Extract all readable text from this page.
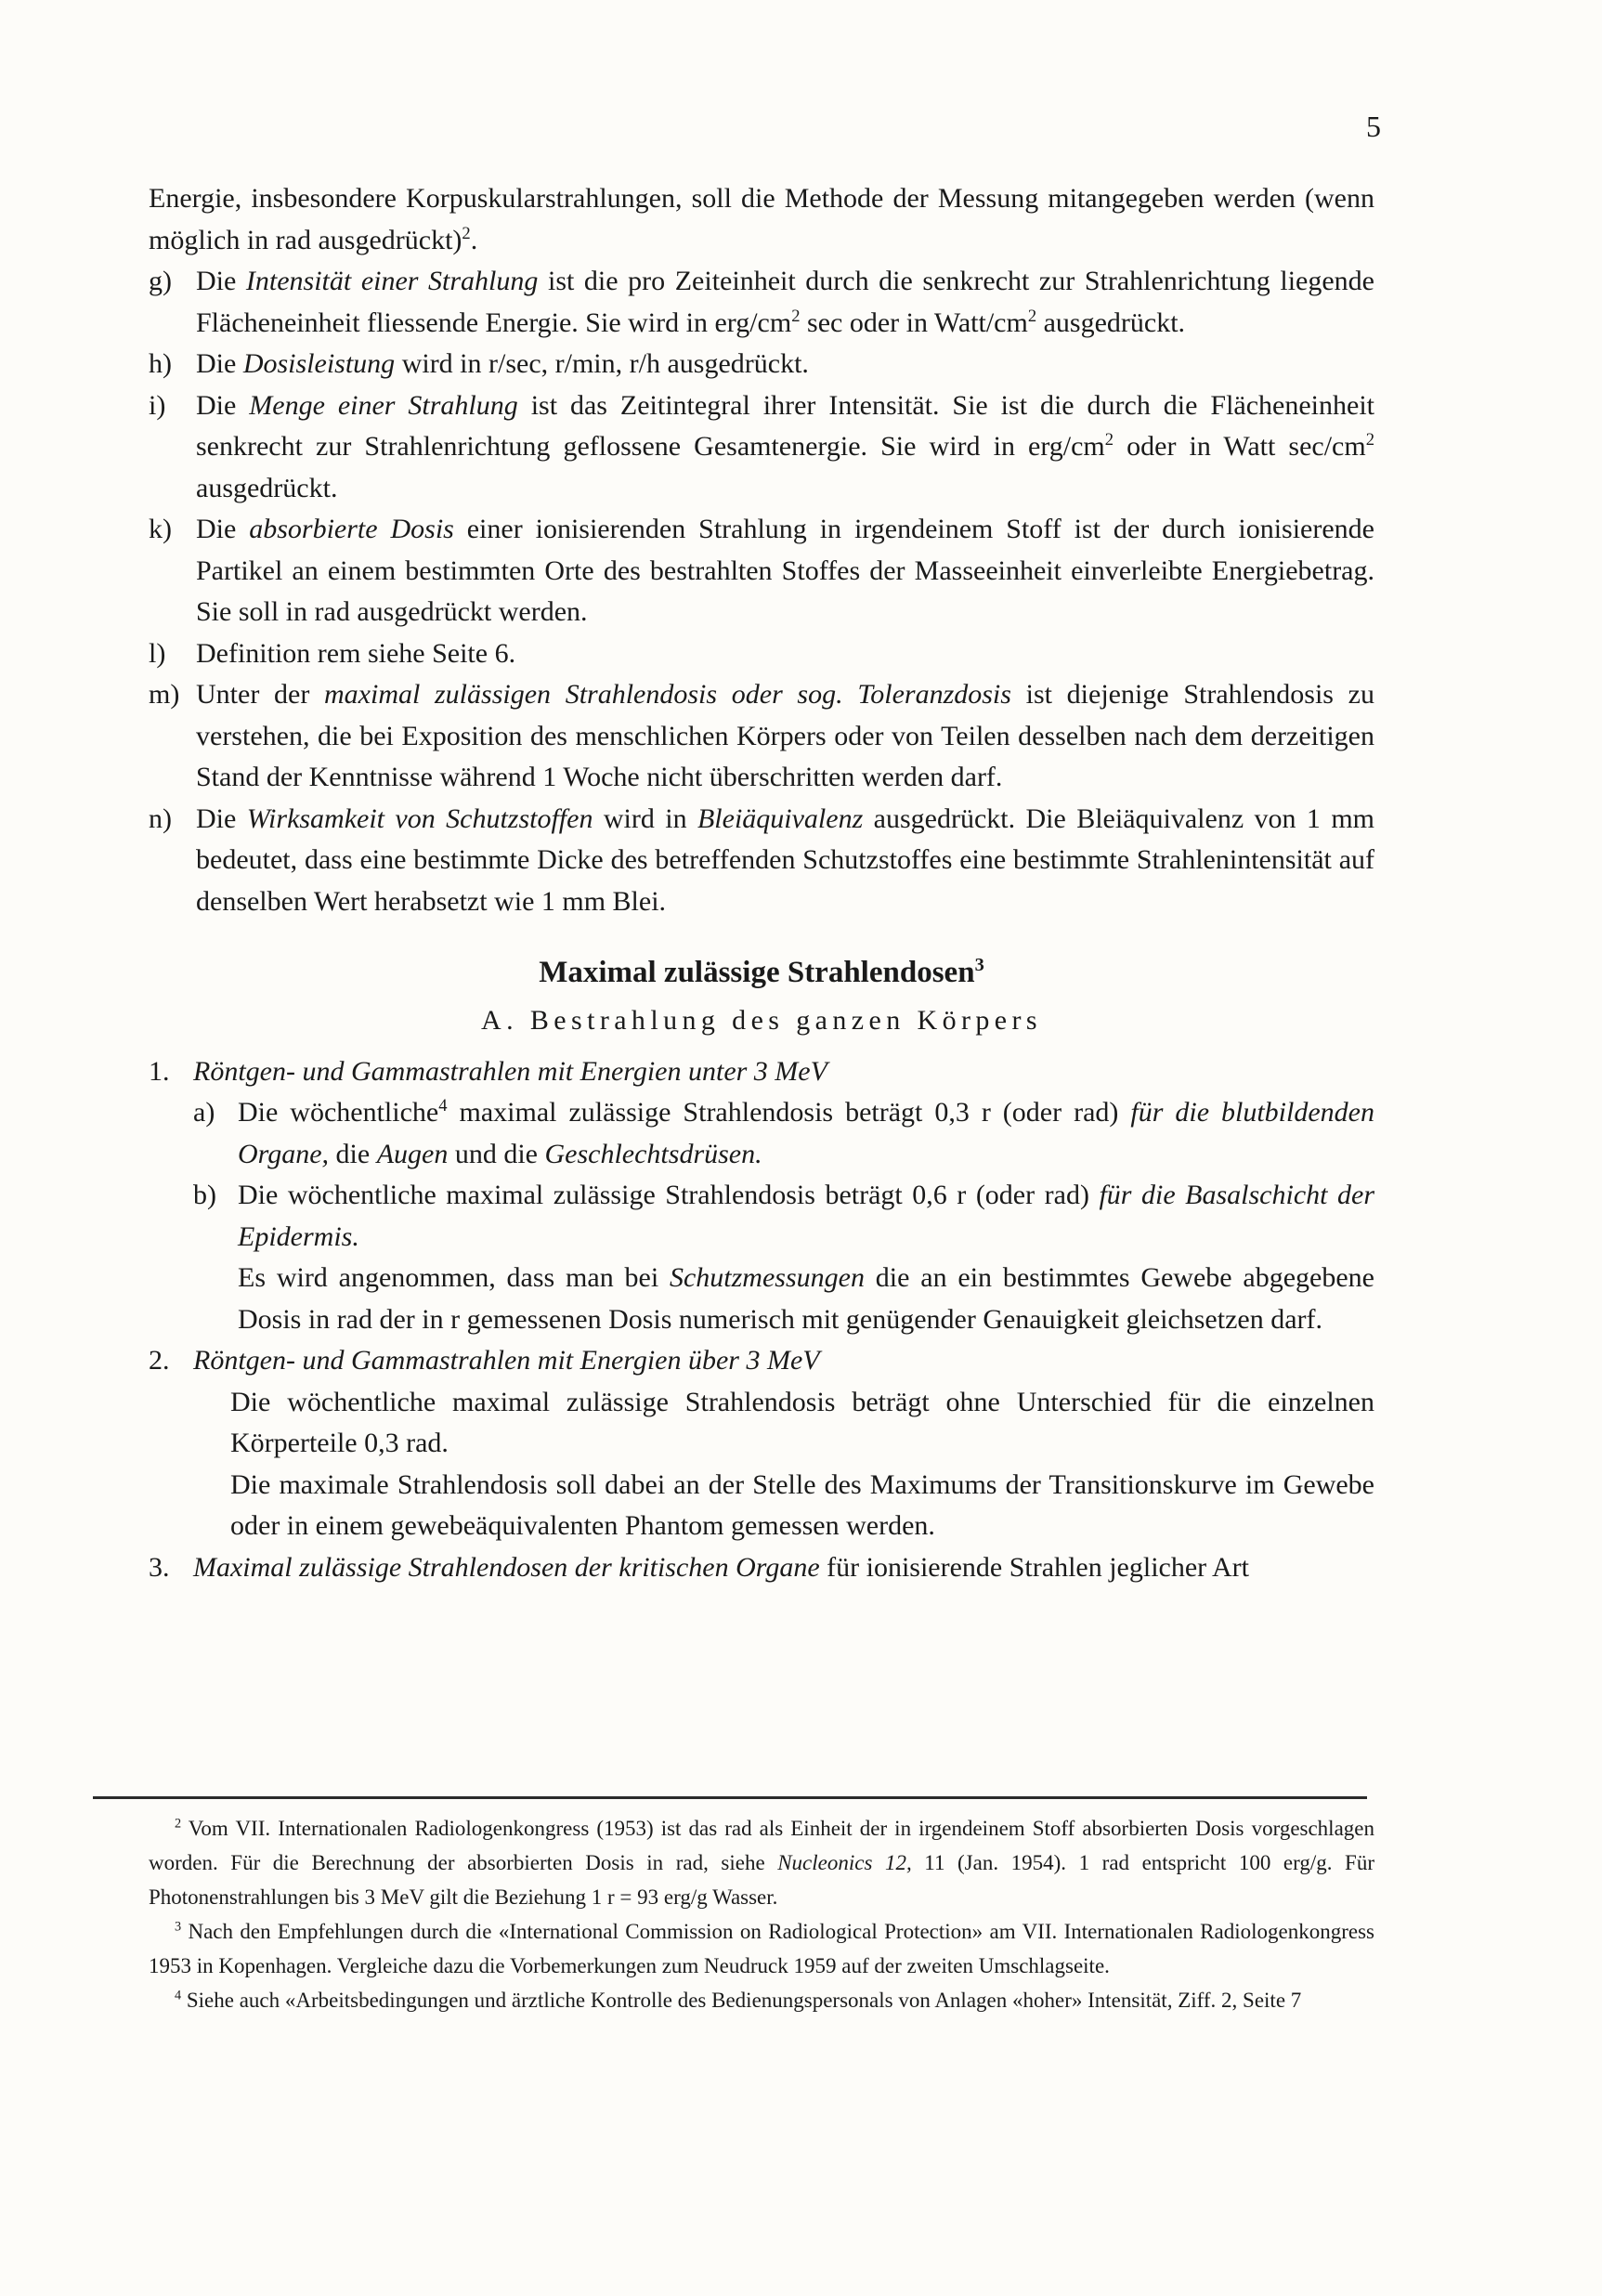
5

Energie, insbesondere Korpuskularstrahlungen, soll die Methode der Messung mitangegeben werden (wenn möglich in rad ausgedrückt)$^2$.

g) Die Intensität einer Strahlung ist die pro Zeiteinheit durch die senkrecht zur Strahlenrichtung liegende Flächeneinheit fliessende Energie. Sie wird in erg/$cm^2$ sec oder in Watt/$cm^2$ ausgedrückt.

h) Die Dosisleistung wird in r/sec, r/min, r/h ausgedrückt.

i) Die Menge einer Strahlung ist das Zeitintegral ihrer Intensität. Sie ist die durch die Flächeneinheit senkrecht zur Strahlenrichtung geflossene Gesamtenergie. Sie wird in erg/$cm^2$ oder in Watt $\sec/cm^2$ ausgedrückt.

k) Die absorbierte Dosis einer ionisierenden Strahlung in irgendeinem Stoff ist der durch ionisierende Partikel an einem bestimmten Orte des bestrahlten Stoffes der Masseeinheit einverleibte Energiebetrag. Sie soll in rad ausgedrückt werden.

l) Definition rem siehe Seite 6.

m) Unter der maximal zulässigen Strahlendosis oder sog. Toleranzdosis ist diejenige Strahlendosis zu verstehen, die bei Exposition des menschlichen Körpers oder von Teilen desselben nach dem derzeitigen Stand der Kenntnisse während 1 Woche nicht überschritten werden darf.

n) Die Wirksamkeit von Schutzstoffen wird in Bleiäquivalenz ausgedrückt. Die Bleiäquivalenz von 1 mm bedeutet, dass eine bestimmte Dicke des betreffenden Schutzstoffes eine bestimmte Strahlenintensität auf denselben Wert herabsetzt wie 1 mm Blei.

Maximal zulässige Strahlendosen$^3$
A. Bestrahlung des ganzen Körpers

1. Röntgen- und Gammastrahlen mit Energien unter 3 MeV

a) Die wöchentliche$^4$ maximal zulässige Strahlendosis beträgt 0,3 r (oder rad) für die blutbildenden Organe, die Augen und die Geschlechtsdrüsen.

b) Die wöchentliche maximal zulässige Strahlendosis beträgt 0,6 r (oder rad) für die Basalschicht der Epidermis.

Es wird angenommen, dass man bei Schutzmessungen die an ein bestimmtes Gewebe abgegebene Dosis in rad der in r gemessenen Dosis numerisch mit genügender Genauigkeit gleichsetzen darf.

2. Röntgen- und Gammastrahlen mit Energien über 3 MeV

Die wöchentliche maximal zulässige Strahlendosis beträgt ohne Unterschied für die einzelnen Körperteile 0,3 rad.

Die maximale Strahlendosis soll dabei an der Stelle des Maximums der Transitionskurve im Gewebe oder in einem gewebeäquivalenten Phantom gemessen werden.

3. Maximal zulässige Strahlendosen der kritischen Organe für ionisierende Strahlen jeglicher Art

$^2$ Vom VII. Internationalen Radiologenkongress (1953) ist das rad als Einheit der in irgendeinem Stoff absorbierten Dosis vorgeschlagen worden. Für die Berechnung der absorbierten Dosis in rad, siehe Nucleonics 12, 11 (Jan. 1954). 1 rad entspricht 100 erg/g. Für Photonenstrahlungen bis 3 MeV gilt die Beziehung 1 r = 93 erg/g Wasser.

$^3$ Nach den Empfehlungen durch die «International Commission on Radiological Protection» am VII. Internationalen Radiologenkongress 1953 in Kopenhagen. Vergleiche dazu die Vorbemerkungen zum Neudruck 1959 auf der zweiten Umschlagseite.

$^4$ Siehe auch «Arbeitsbedingungen und ärztliche Kontrolle des Bedienungspersonals von Anlagen «hoher» Intensität, Ziff. 2, Seite 7
